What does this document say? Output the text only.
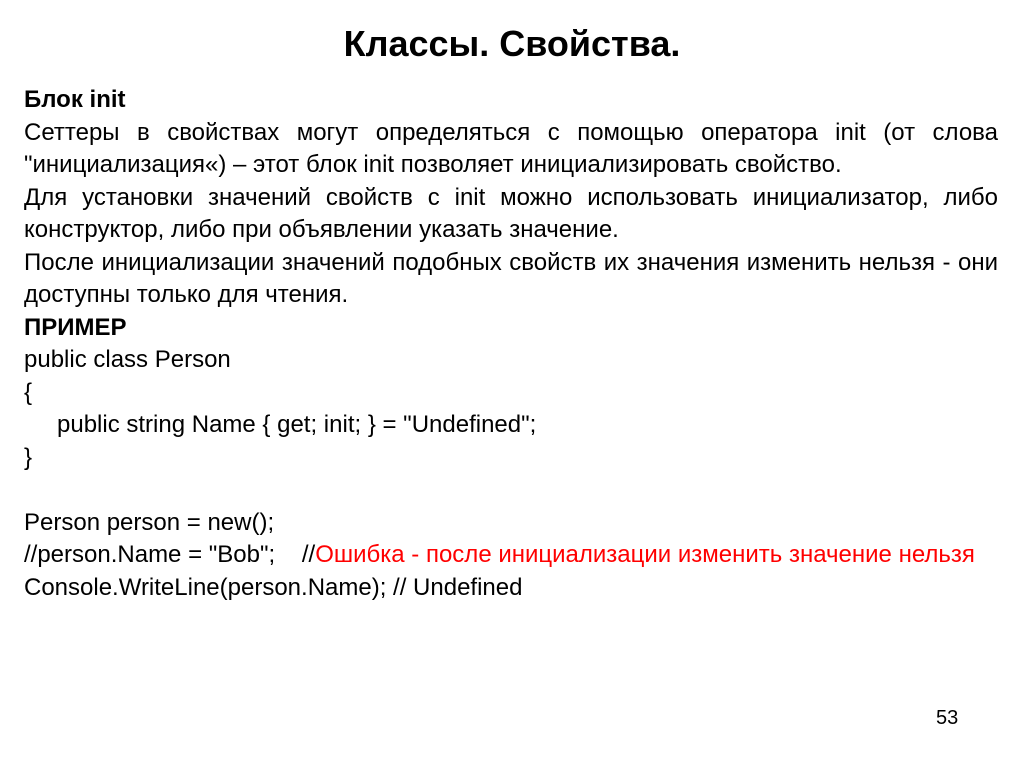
Классы. Свойства.
Блок init
Сеттеры в свойствах могут определяться с помощью оператора init (от слова "инициализация«) – этот блок init позволяет инициализировать свойство.
Для установки значений свойств с init можно использовать инициализатор, либо конструктор, либо при объявлении указать значение.
После инициализации значений подобных свойств их значения изменить нельзя - они доступны только для чтения.
ПРИМЕР
public class Person
{
public string Name { get; init; } = "Undefined";
}
Person person = new();
//person.Name = "Bob";    //Ошибка - после инициализации изменить значение нельзя
Console.WriteLine(person.Name); // Undefined
53
